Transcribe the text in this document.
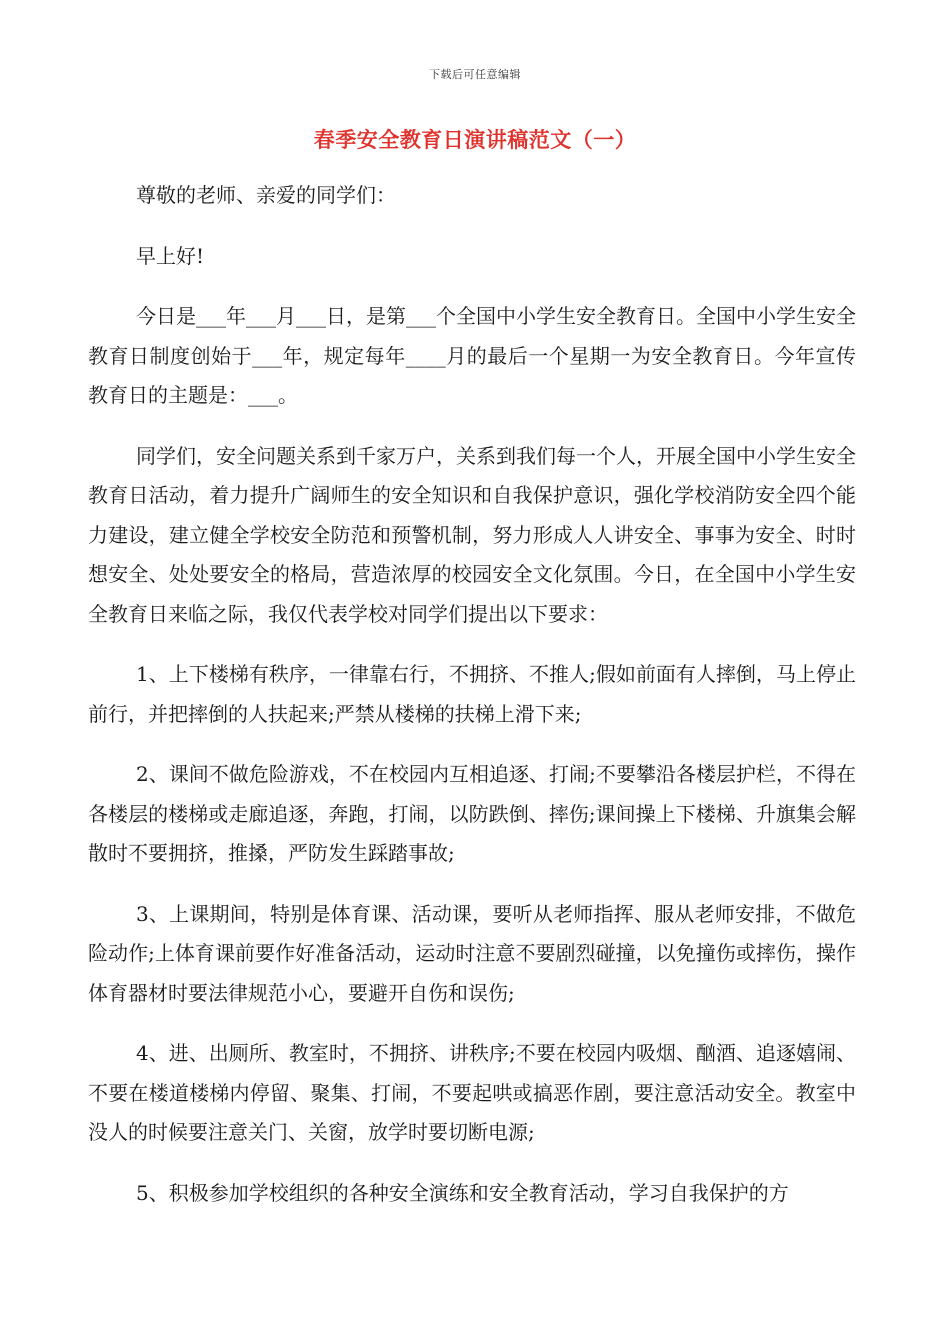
下载后可任意编辑
春季安全教育日演讲稿范文（一）

尊敬的老师、亲爱的同学们：

早上好!

今日是___年___月___日，是第___个全国中小学生安全教育日。全国中小学生安全教育日制度创始于___年，规定每年____月的最后一个星期一为安全教育日。今年宣传教育日的主题是：___。

同学们，安全问题关系到千家万户，关系到我们每一个人，开展全国中小学生安全教育日活动，着力提升广阔师生的安全知识和自我保护意识，强化学校消防安全四个能力建设，建立健全学校安全防范和预警机制，努力形成人人讲安全、事事为安全、时时想安全、处处要安全的格局，营造浓厚的校园安全文化氛围。今日，在全国中小学生安全教育日来临之际，我仅代表学校对同学们提出以下要求：

1、上下楼梯有秩序，一律靠右行，不拥挤、不推人;假如前面有人摔倒，马上停止前行，并把摔倒的人扶起来;严禁从楼梯的扶梯上滑下来;

2、课间不做危险游戏，不在校园内互相追逐、打闹;不要攀沿各楼层护栏，不得在各楼层的楼梯或走廊追逐，奔跑，打闹，以防跌倒、摔伤;课间操上下楼梯、升旗集会解散时不要拥挤，推搡，严防发生踩踏事故;

3、上课期间，特别是体育课、活动课，要听从老师指挥、服从老师安排，不做危险动作;上体育课前要作好准备活动，运动时注意不要剧烈碰撞，以免撞伤或摔伤，操作体育器材时要法律规范小心，要避开自伤和误伤;

4、进、出厕所、教室时，不拥挤、讲秩序;不要在校园内吸烟、酗酒、追逐嬉闹、不要在楼道楼梯内停留、聚集、打闹，不要起哄或搞恶作剧，要注意活动安全。教室中没人的时候要注意关门、关窗，放学时要切断电源;

5、积极参加学校组织的各种安全演练和安全教育活动，学习自我保护的方
